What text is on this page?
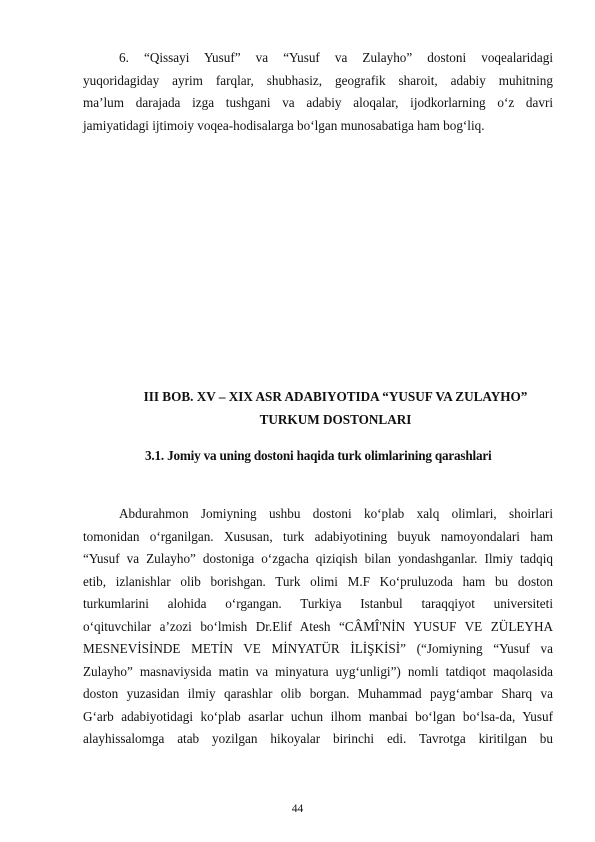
6. “Qissayi Yusuf” va “Yusuf va Zulayho” dostoni voqealaridagi
yuqoridagiday ayrim farqlar, shubhasiz, geografik sharoit, adabiy muhitning
ma’lum darajada izga tushgani va adabiy aloqalar, ijodkorlarning o‘z davri
jamiyatidagi ijtimoiy voqea-hodisalarga bo‘lgan munosabatiga ham bog‘liq.
III BOB. XV – XIX ASR ADABIYOTIDA “YUSUF VA ZULAYHO”
TURKUM DOSTONLARI
3.1. Jomiy va uning dostoni haqida turk olimlarining qarashlari
Abdurahmon Jomiyning ushbu dostoni ko‘plab xalq olimlari, shoirlari
tomonidan o‘rganilgan. Xususan, turk adabiyotining buyuk namoyondalari ham
“Yusuf va Zulayho” dostoniga o‘zgacha qiziqish bilan yondashganlar. Ilmiy tadqiq
etib, izlanishlar olib borishgan. Turk olimi M.F Ko‘pruluzoda ham bu doston
turkumlarini alohida o‘rgangan. Turkiya Istanbul taraqqiyot universiteti
o‘qituvchilar a’zozi bo‘lmish Dr.Elif Atesh “CÂMÎ'NİN YUSUF VE ZÜLEYHA
MESNEVİSİNDE METİN VE MİNYATÜR İLİŞKİSİ” (“Jomiyning “Yusuf va
Zulayho” masnaviysida matin va minyatura uyg‘unligi”) nomli tatdiqot maqolasida
doston yuzasidan ilmiy qarashlar olib borgan. Muhammad payg‘ambar Sharq va
G‘arb adabiyotidagi ko‘plab asarlar uchun ilhom manbai bo‘lgan bo‘lsa-da, Yusuf
alayhissalomga atab yozilgan hikoyalar birinchi edi. Tavrotga kiritilgan bu
44
